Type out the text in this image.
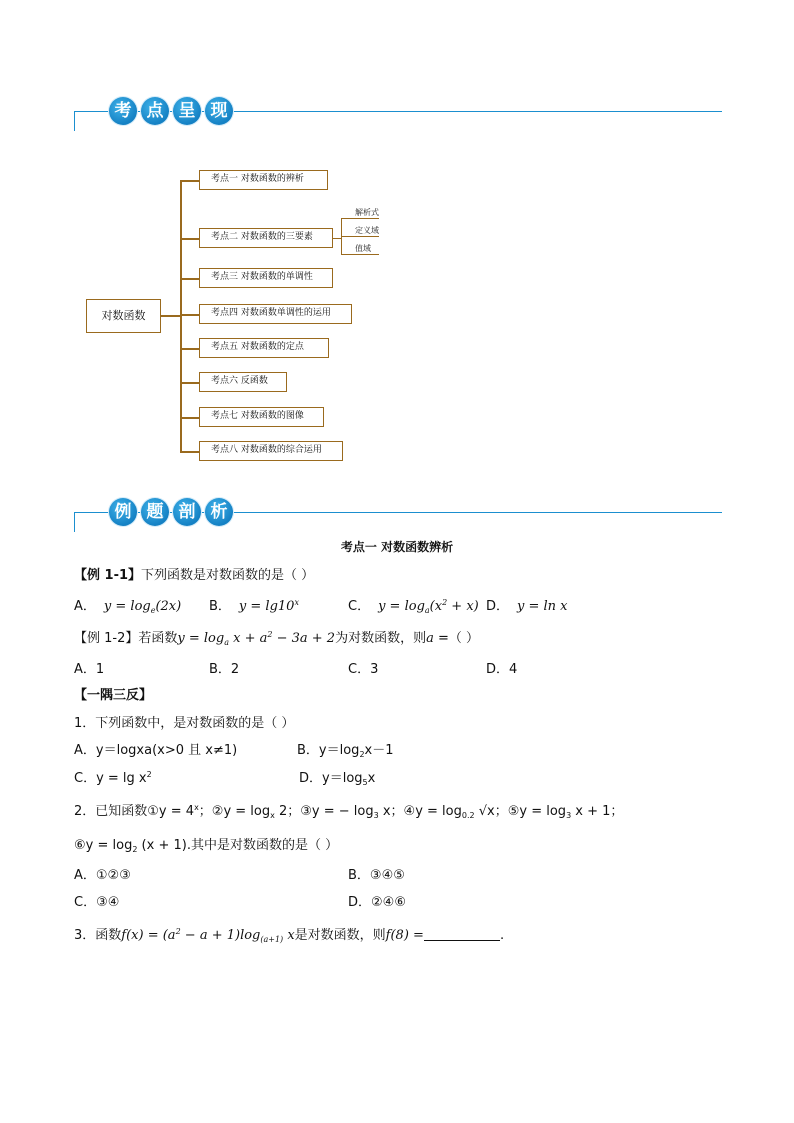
考 点 呈 现
对数函数
考点一 对数函数的辨析
考点二 对数函数的三要素
考点三 对数函数的单调性
考点四 对数函数单调性的运用
考点五 对数函数的定点
考点六 反函数
考点七 对数函数的图像
考点八 对数函数的综合运用
解析式
定义域
值域
例 题 剖 析
考点一 对数函数辨析
【例 1-1】下列函数是对数函数的是（ ）
A． $y = \log_e(2x)$ B． $y = \lg 10^x$	C． $y = \log_a(x^2 + x)$ D． y = ln x
【例 1-2】若函数$y = \log_a x + a^2 - 3a + 2$为对数函数，则a =（ ）
A．1	B．2	C．3	D．4
【一隅三反】
1．下列函数中，是对数函数的是（ ）
A．y＝logxa(x>0 且 x≠1)	B．$y=\log_2x-1$
C．$y = \lg x^2$	D．$y=\log_5x$
2．已知函数①y = $4^x$；②y = $\log_x 2$；③y = − $\log_3 x$；④y = $\log_{0.2} √x$；⑤y = $\log_3 x + 1$；
⑥y = $\log_2 (x + 1)$.其中是对数函数的是（ ）
A．①②③	B．③④⑤
C．③④	D．②④⑥
3．函数$f(x) = (a^2 - a + 1)\log_{(a+1)}$ x是对数函数，则f(8) =	.
